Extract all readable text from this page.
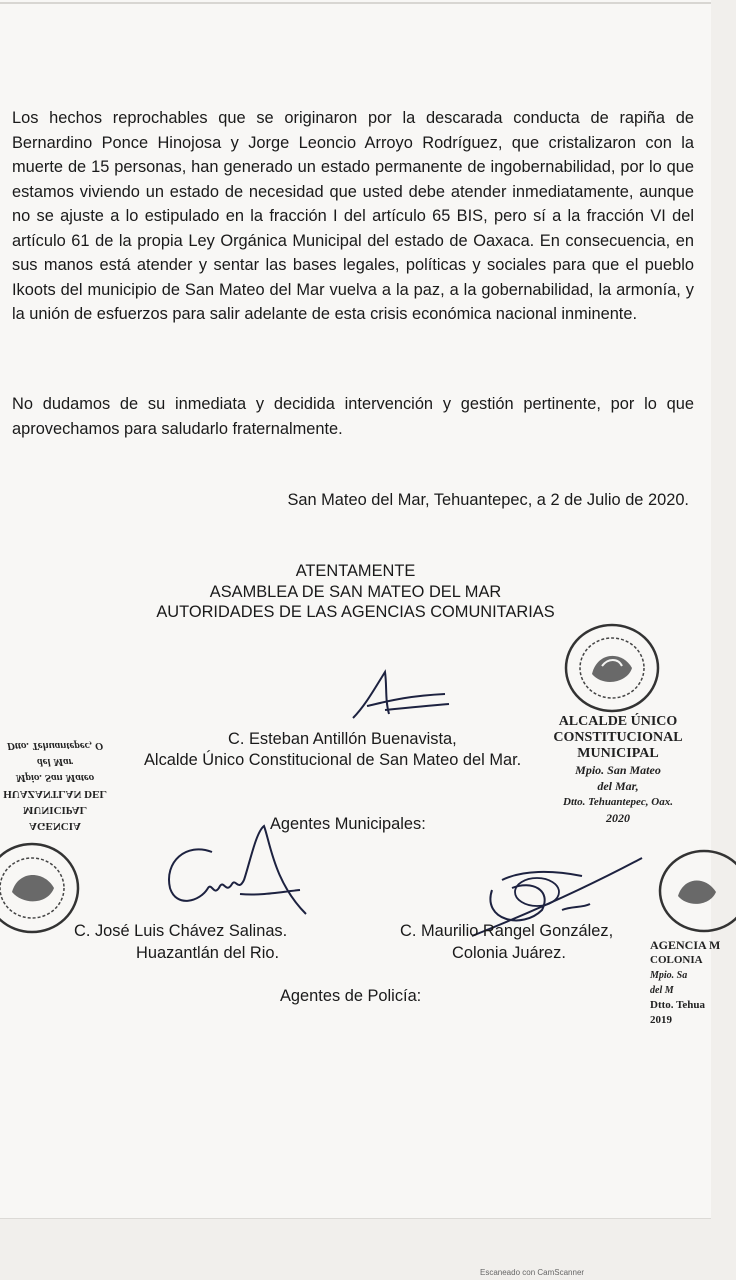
Los hechos reprochables que se originaron por la descarada conducta de rapiña de Bernardino Ponce Hinojosa y Jorge Leoncio Arroyo Rodríguez, que cristalizaron con la muerte de 15 personas, han generado un estado permanente de ingobernabilidad, por lo que estamos viviendo un estado de necesidad que usted debe atender inmediatamente, aunque no se ajuste a lo estipulado en la fracción I del artículo 65 BIS, pero sí a la fracción VI del artículo 61 de la propia Ley Orgánica Municipal del estado de Oaxaca. En consecuencia, en sus manos está atender y sentar las bases legales, políticas y sociales para que el pueblo Ikoots del municipio de San Mateo del Mar vuelva a la paz, a la gobernabilidad, la armonía, y la unión de esfuerzos para salir adelante de esta crisis económica nacional inminente.

No dudamos de su inmediata y decidida intervención y gestión pertinente, por lo que aprovechamos para saludarlo fraternalmente.

San Mateo del Mar, Tehuantepec, a 2 de Julio de 2020.
ATENTAMENTE
ASAMBLEA DE SAN MATEO DEL MAR
AUTORIDADES DE LAS AGENCIAS COMUNITARIAS
C. Esteban Antillón Buenavista,
Alcalde Único Constitucional de San Mateo del Mar.
ALCALDE ÚNICO
CONSTITUCIONAL
MUNICIPAL
Mpio. San Mateo
del Mar,
Dtto. Tehuantepec, Oax.
2020
AGENCIA MUNICIPAL
HUAZANTLAN DEL
Mpio. San Mateo
del Mar
Dtto. Tehuantepec, O
Agentes Municipales:
C. José Luis Chávez Salinas.
Huazantlán del Rio.
C. Maurilio Rangel González,
Colonia Juárez.	AGENCIA M
COLONIA
Mpio. Sa
del M
Dtto. Tehua
2019
Agentes de Policía:
Escaneado con CamScanner
